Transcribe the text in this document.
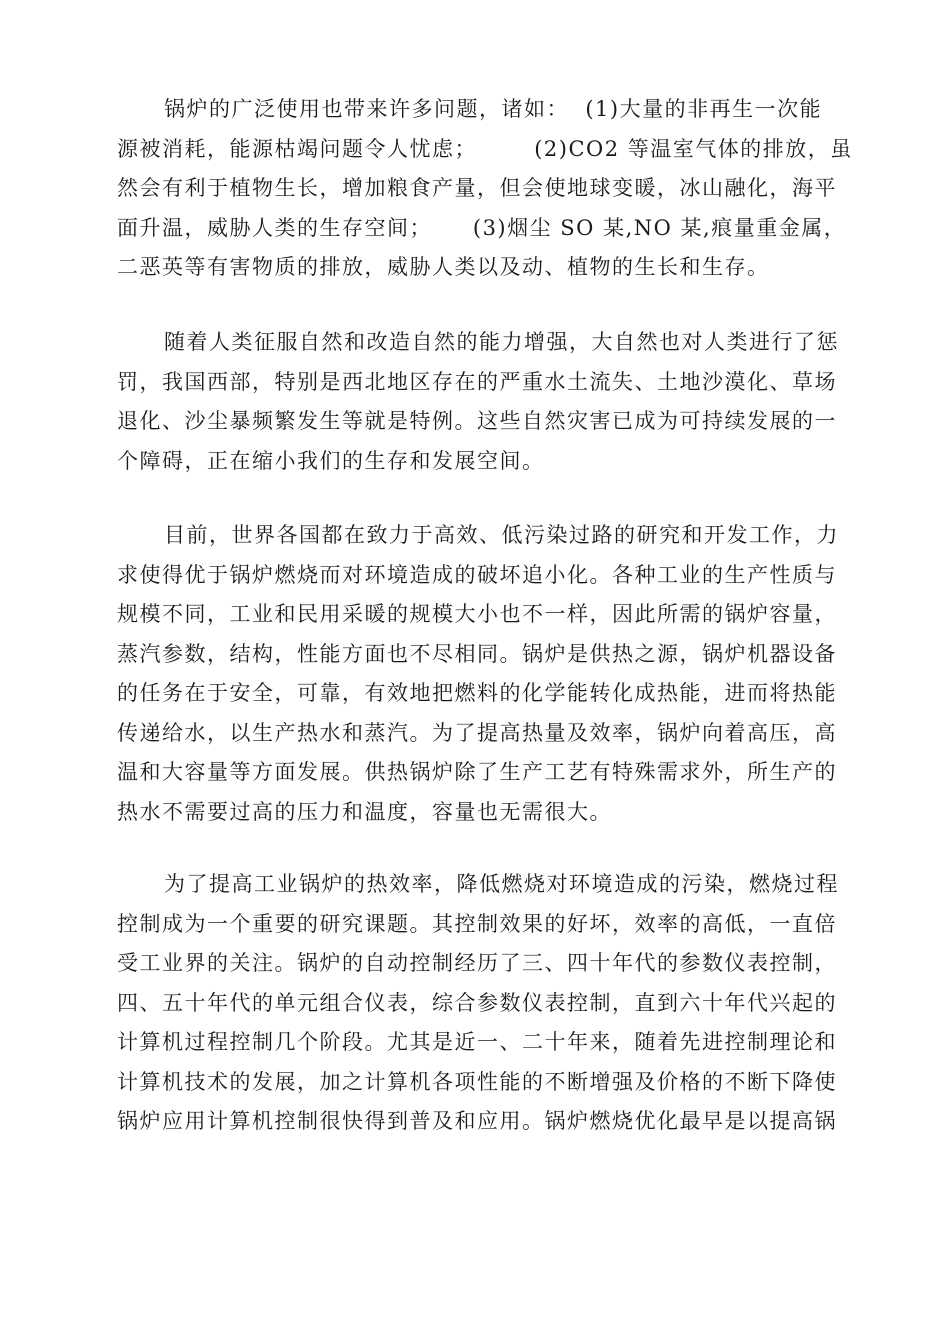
锅炉的广泛使用也带来许多问题，诸如：  (1)大量的非再生一次能
源被消耗，能源枯竭问题令人忧虑；       (2)CO2 等温室气体的排放，虽
然会有利于植物生长，增加粮食产量，但会使地球变暖，冰山融化，海平
面升温，威胁人类的生存空间；     (3)烟尘 SO 某,NO 某,痕量重金属，
二恶英等有害物质的排放，威胁人类以及动、植物的生长和生存。
随着人类征服自然和改造自然的能力增强，大自然也对人类进行了惩
罚，我国西部，特别是西北地区存在的严重水土流失、土地沙漠化、草场
退化、沙尘暴频繁发生等就是特例。这些自然灾害已成为可持续发展的一
个障碍，正在缩小我们的生存和发展空间。
目前，世界各国都在致力于高效、低污染过路的研究和开发工作，力
求使得优于锅炉燃烧而对环境造成的破坏追小化。各种工业的生产性质与
规模不同，工业和民用采暖的规模大小也不一样，因此所需的锅炉容量，
蒸汽参数，结构，性能方面也不尽相同。锅炉是供热之源，锅炉机器设备
的任务在于安全，可靠，有效地把燃料的化学能转化成热能，进而将热能
传递给水，以生产热水和蒸汽。为了提高热量及效率，锅炉向着高压，高
温和大容量等方面发展。供热锅炉除了生产工艺有特殊需求外，所生产的
热水不需要过高的压力和温度，容量也无需很大。
为了提高工业锅炉的热效率，降低燃烧对环境造成的污染，燃烧过程
控制成为一个重要的研究课题。其控制效果的好坏，效率的高低，一直倍
受工业界的关注。锅炉的自动控制经历了三、四十年代的参数仪表控制，
四、五十年代的单元组合仪表，综合参数仪表控制，直到六十年代兴起的
计算机过程控制几个阶段。尤其是近一、二十年来，随着先进控制理论和
计算机技术的发展，加之计算机各项性能的不断增强及价格的不断下降使
锅炉应用计算机控制很快得到普及和应用。锅炉燃烧优化最早是以提高锅
